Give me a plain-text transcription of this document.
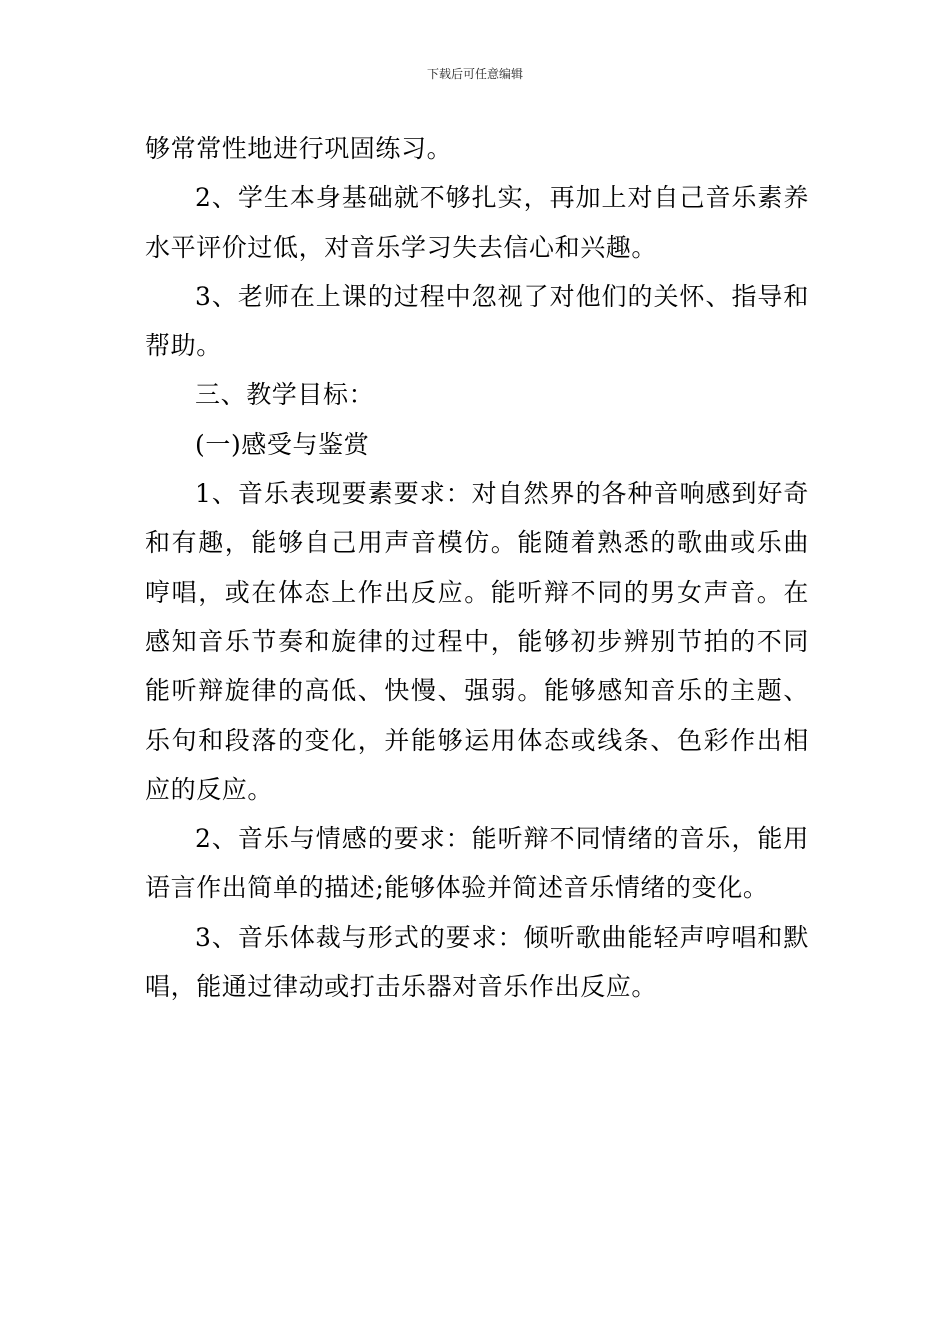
下载后可任意编辑

够常常性地进行巩固练习。

2、学生本身基础就不够扎实，再加上对自己音乐素养水平评价过低，对音乐学习失去信心和兴趣。

3、老师在上课的过程中忽视了对他们的关怀、指导和帮助。

三、教学目标：

(一)感受与鉴赏

1、音乐表现要素要求：对自然界的各种音响感到好奇和有趣，能够自己用声音模仿。能随着熟悉的歌曲或乐曲哼唱，或在体态上作出反应。能听辩不同的男女声音。在感知音乐节奏和旋律的过程中，能够初步辨别节拍的不同能听辩旋律的高低、快慢、强弱。能够感知音乐的主题、乐句和段落的变化，并能够运用体态或线条、色彩作出相应的反应。

2、音乐与情感的要求：能听辩不同情绪的音乐，能用语言作出简单的描述;能够体验并简述音乐情绪的变化。

3、音乐体裁与形式的要求：倾听歌曲能轻声哼唱和默唱，能通过律动或打击乐器对音乐作出反应。
